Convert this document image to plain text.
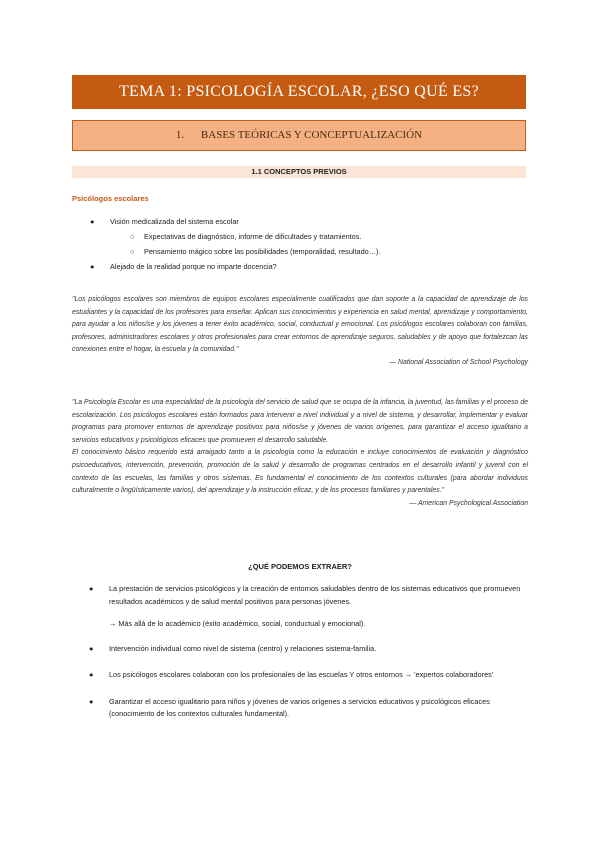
TEMA 1: PSICOLOGÍA ESCOLAR, ¿ESO QUÉ ES?
1. BASES TEÓRICAS Y CONCEPTUALIZACIÓN
1.1 CONCEPTOS PREVIOS
Psicólogos escolares
● Visión medicalizada del sistema escolar
○ Expectativas de diagnóstico, informe de dificultades y tratamientos.
○ Pensamiento mágico sobre las posibilidades (temporalidad, resultado…).
● Alejado de la realidad porque no imparte docencia?
"Los psicólogos escolares son miembros de equipos escolares especialmente cualificados que dan soporte a la capacidad de aprendizaje de los estudiantes y la capacidad de los profesores para enseñar. Aplican sus conocimientos y experiencia en salud mental, aprendizaje y comportamiento, para ayudar a los niños/se y los jóvenes a tener éxito académico, social, conductual y emocional. Los psicólogos escolares colaboran con familias, profesores, administradores escolares y otros profesionales para crear entornos de aprendizaje seguros, saludables y de apoyo que fortalezcan las conexiones entre el hogar, la escuela y la comunidad."
— National Association of School Psychology
"La Psicología Escolar es una especialidad de la psicología del servicio de salud que se ocupa de la infancia, la juventud, las familias y el proceso de escolarización. Los psicólogos escolares están formados para intervenir a nivel individual y a nivel de sistema, y desarrollar, implementar y evaluar programas para promover entornos de aprendizaje positivos para niños/se y jóvenes de varios orígenes, para garantizar el acceso igualitario a servicios educativos y psicológicos eficaces que promueven el desarrollo saludable.
El conocimiento básico requerido está arraigado tanto a la psicología como la educación e incluye conocimientos de evaluación y diagnóstico psicoeducativos, intervención, prevención, promoción de la salud y desarrollo de programas centrados en el desarrollo infantil y juvenil con el contexto de las escuelas, las familias y otros sistemas. Es fundamental el conocimiento de los contextos culturales (para abordar individuos culturalmente o lingüísticamente varios), del aprendizaje y la instrucción eficaz, y de los procesos familiares y parentales."
— American Psychological Association
¿QUÉ PODEMOS EXTRAER?
● La prestación de servicios psicológicos y la creación de entornos saludables dentro de los sistemas educativos que promueven resultados académicos y de salud mental positivos para personas jóvenes.
→ Más allá de lo académico (éxito académico, social, conductual y emocional).
● Intervención individual como nivel de sistema (centro) y relaciones sistema-familia.
● Los psicólogos escolares colaboran con los profesionales de las escuelas Y otros entornos → 'expertos colaboradores'
● Garantizar el acceso igualitario para niños y jóvenes de varios orígenes a servicios educativos y psicológicos eficaces (conocimiento de los contextos culturales fundamental).
